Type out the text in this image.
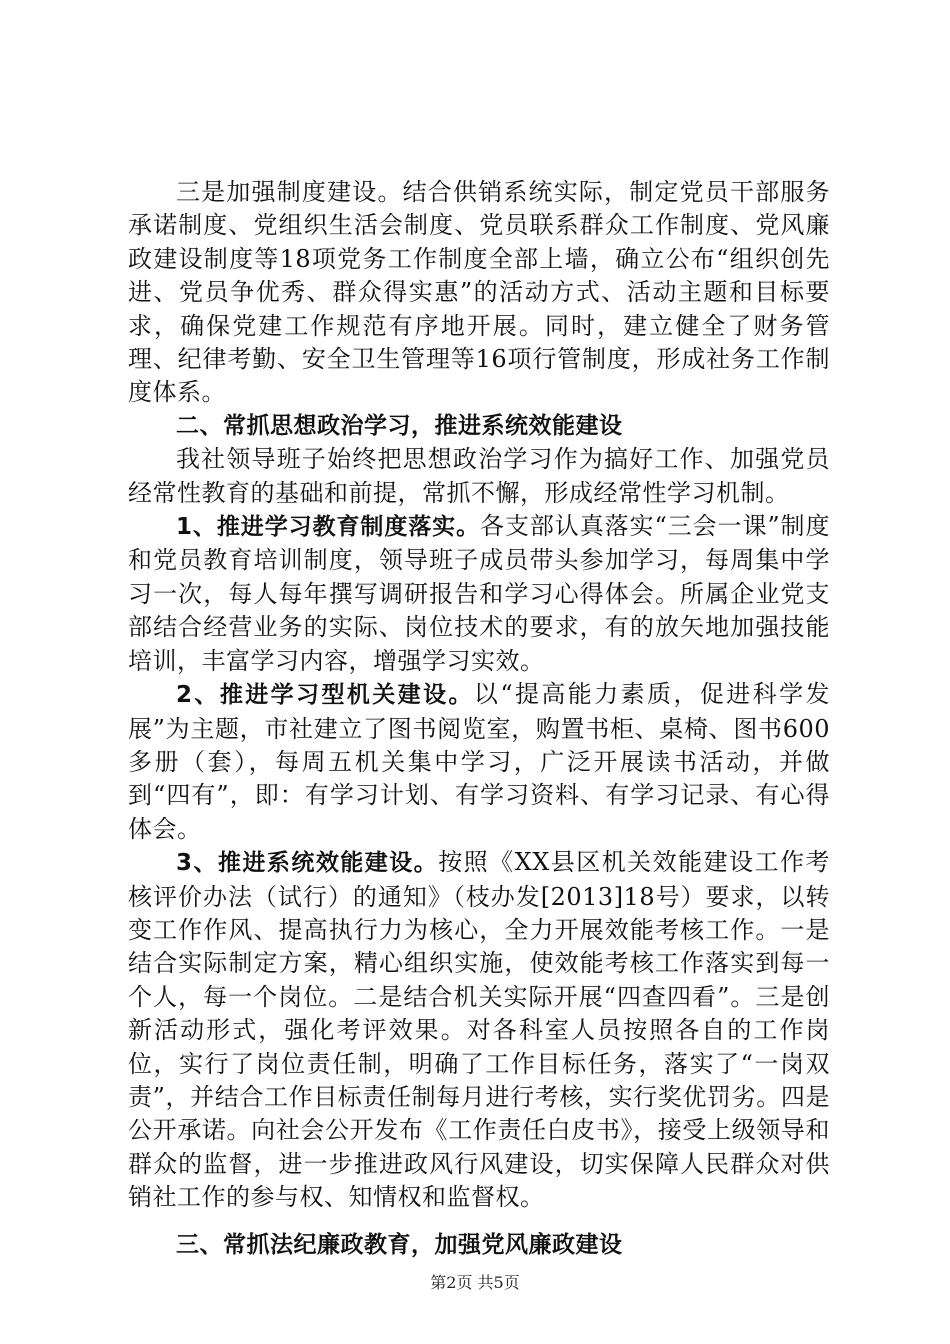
三是加强制度建设。结合供销系统实际，制定党员干部服务承诺制度、党组织生活会制度、党员联系群众工作制度、党风廉政建设制度等18项党务工作制度全部上墙，确立公布“组织创先进、党员争优秀、群众得实惠”的活动方式、活动主题和目标要求，确保党建工作规范有序地开展。同时，建立健全了财务管理、纪律考勤、安全卫生管理等16项行管制度，形成社务工作制度体系。

二、常抓思想政治学习，推进系统效能建设

我社领导班子始终把思想政治学习作为搞好工作、加强党员经常性教育的基础和前提，常抓不懈，形成经常性学习机制。

1、推进学习教育制度落实。各支部认真落实“三会一课”制度和党员教育培训制度，领导班子成员带头参加学习，每周集中学习一次，每人每年撰写调研报告和学习心得体会。所属企业党支部结合经营业务的实际、岗位技术的要求，有的放矢地加强技能培训，丰富学习内容，增强学习实效。

2、推进学习型机关建设。以“提高能力素质，促进科学发展”为主题，市社建立了图书阅览室，购置书柜、桌椅、图书600多册（套），每周五机关集中学习，广泛开展读书活动，并做到“四有”，即：有学习计划、有学习资料、有学习记录、有心得体会。

3、推进系统效能建设。按照《XX县区机关效能建设工作考核评价办法（试行）的通知》（枝办发[2013]18号）要求，以转变工作作风、提高执行力为核心，全力开展效能考核工作。一是结合实际制定方案，精心组织实施，使效能考核工作落实到每一个人，每一个岗位。二是结合机关实际开展“四查四看”。三是创新活动形式，强化考评效果。对各科室人员按照各自的工作岗位，实行了岗位责任制，明确了工作目标任务，落实了“一岗双责”，并结合工作目标责任制每月进行考核，实行奖优罚劣。四是公开承诺。向社会公开发布《工作责任白皮书》，接受上级领导和群众的监督，进一步推进政风行风建设，切实保障人民群众对供销社工作的参与权、知情权和监督权。

三、常抓法纪廉政教育，加强党风廉政建设

第2页 共5页
